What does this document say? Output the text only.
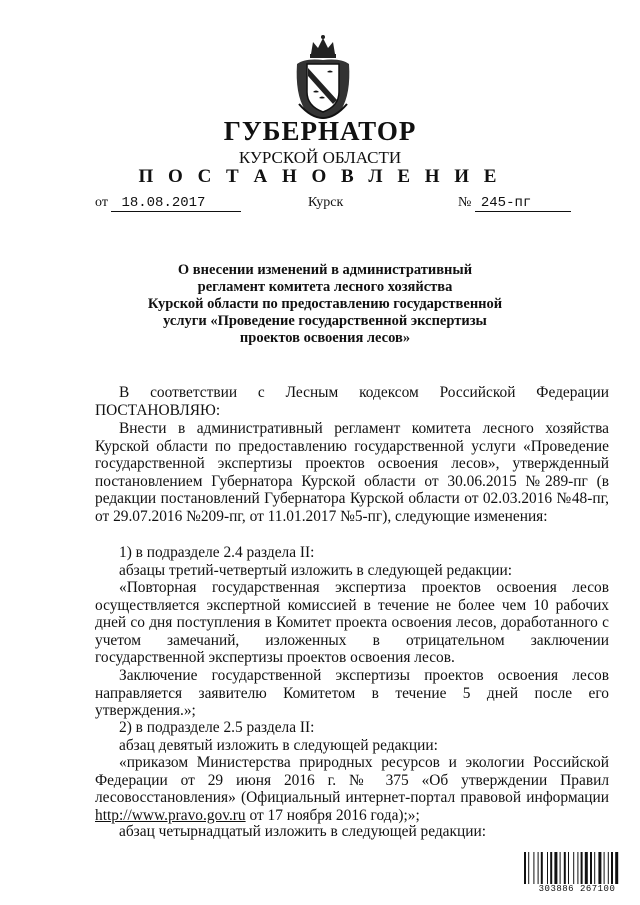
ГУБЕРНАТОР
КУРСКОЙ ОБЛАСТИ
П О С Т А Н О В Л Е Н И Е
от 18.08.2017	Курск	№ 245-пг
О внесении изменений в административный
регламент комитета лесного хозяйства
Курской области по предоставлению государственной
услуги «Проведение государственной экспертизы
проектов освоения лесов»
В соответствии с Лесным кодексом Российской Федерации ПОСТАНОВЛЯЮ:
Внести в административный регламент комитета лесного хозяйства Курской области по предоставлению государственной услуги «Проведение государственной экспертизы проектов освоения лесов», утвержденный постановлением Губернатора Курской области от 30.06.2015 №289-пг (в редакции постановлений Губернатора Курской области от 02.03.2016 №48-пг, от 29.07.2016 №209-пг, от 11.01.2017 №5-пг), следующие изменения:
1) в подразделе 2.4 раздела II:
абзацы третий-четвертый изложить в следующей редакции:
«Повторная государственная экспертиза проектов освоения лесов осуществляется экспертной комиссией в течение не более чем 10 рабочих дней со дня поступления в Комитет проекта освоения лесов, доработанного с учетом замечаний, изложенных в отрицательном заключении государственной экспертизы проектов освоения лесов.
Заключение государственной экспертизы проектов освоения лесов направляется заявителю Комитетом в течение 5 дней после его утверждения.»;
2) в подразделе 2.5 раздела II:
абзац девятый изложить в следующей редакции:
«приказом Министерства природных ресурсов и экологии Российской Федерации от 29 июня 2016 г. № 375 «Об утверждении Правил лесовосстановления» (Официальный интернет-портал правовой информации http://www.pravo.gov.ru от 17 ноября 2016 года);»;
абзац четырнадцатый изложить в следующей редакции:
303886 267100
